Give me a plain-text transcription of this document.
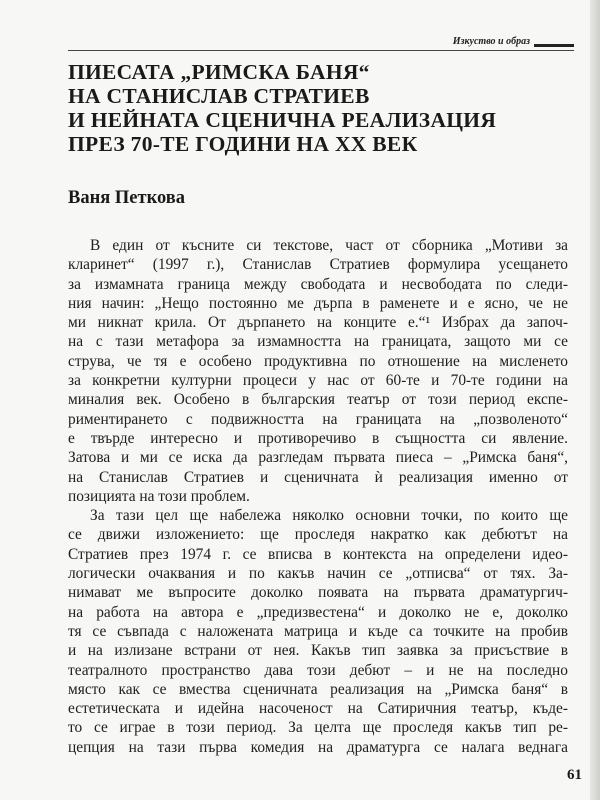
Изкуство и образ
ПИЕСАТА „РИМСКА БАНЯ“
НА СТАНИСЛАВ СТРАТИЕВ
И НЕЙНАТА СЦЕНИЧНА РЕАЛИЗАЦИЯ
ПРЕЗ 70-ТЕ ГОДИНИ НА XX ВЕК
Ваня Петкова

В един от късните си текстове, част от сборника „Мотиви за
кларинет“ (1997 г.), Станислав Стратиев формулира усещането
за измамната граница между свободата и несвободата по следи-
ния начин: „Нещо постоянно ме дърпа в раменете и е ясно, че не
ми никнат крила. От дърпането на конците е.“¹ Избрах да започ-
на с тази метафора за измамността на границата, защото ми се
струва, че тя е особено продуктивна по отношение на мисленето
за конкретни културни процеси у нас от 60-те и 70-те години на
миналия век. Особено в българския театър от този период експе-
риментирането с подвижността на границата на „позволеното“
е твърде интересно и противоречиво в същността си явление.
Затова и ми се иска да разгледам първата пиеса – „Римска баня“,
на Станислав Стратиев и сценичната ѝ реализация именно от
позицията на този проблем.

За тази цел ще набележа няколко основни точки, по които ще
се движи изложението: ще проследя накратко как дебютът на
Стратиев през 1974 г. се вписва в контекста на определени идео-
логически очаквания и по какъв начин се „отписва“ от тях. За-
нимават ме въпросите доколко появата на първата драматургич-
на работа на автора е „предизвестена“ и доколко не е, доколко
тя се съвпада с наложената матрица и къде са точките на пробив
и на излизане встрани от нея. Какъв тип заявка за присъствие в
театралното пространство дава този дебют – и не на последно
място как се вмества сценичната реализация на „Римска баня“ в
естетическата и идейна насоченост на Сатиричния театър, къде-
то се играе в този период. За целта ще проследя какъв тип ре-
цепция на тази първа комедия на драматурга се налага веднага

61
